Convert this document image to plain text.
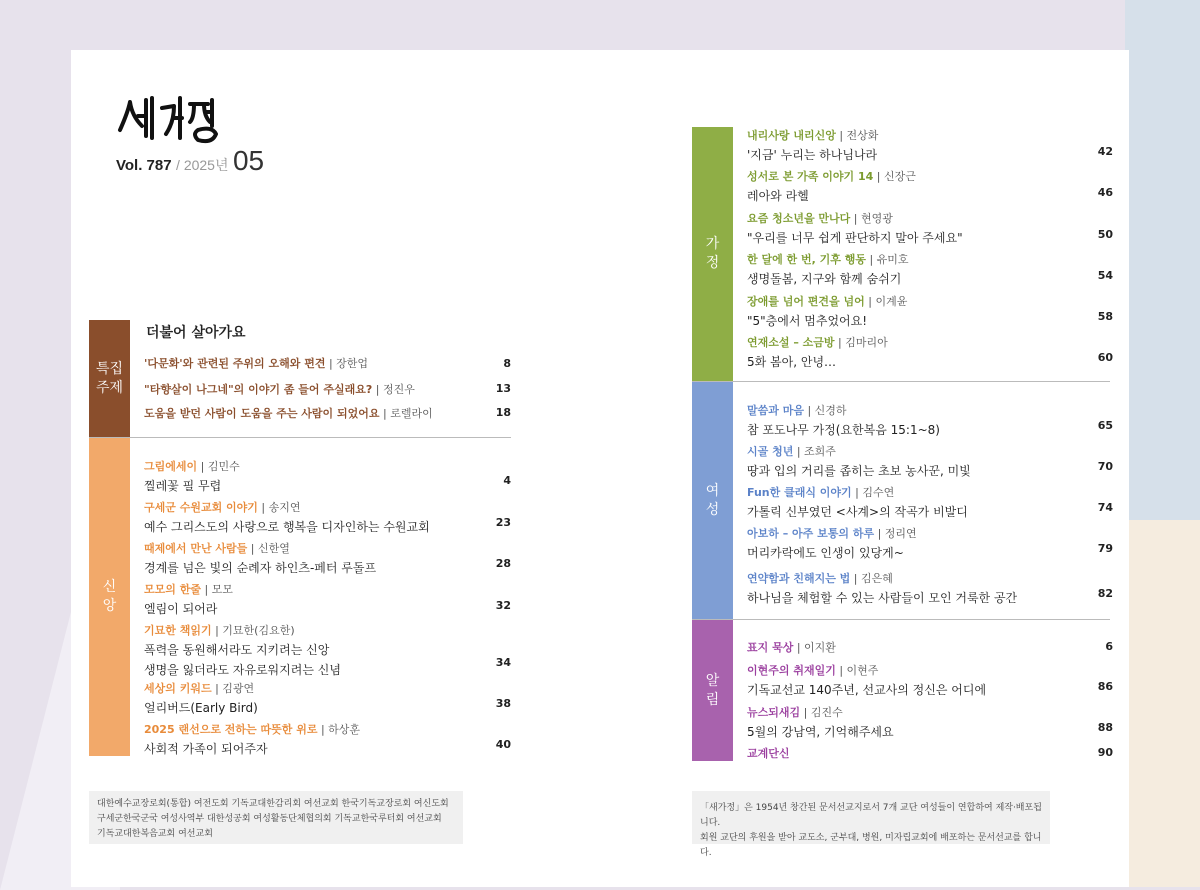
Vol. 787 / 2025년 05
특집
주제
더불어 살아가요
'다문화'와 관련된 주위의 오해와 편견 | 장한업	8
"타향살이 나그네"의 이야기 좀 들어 주실래요? | 정진우	13
도움을 받던 사람이 도움을 주는 사람이 되었어요 | 로렐라이	18
신
앙
그림에세이 | 김민수
찔레꽃 필 무렵	4
구세군 수원교회 이야기 | 송지연
예수 그리스도의 사랑으로 행복을 디자인하는 수원교회	23
때제에서 만난 사람들 | 신한열
경계를 넘은 빛의 순례자 하인츠-페터 루돌프	28
모모의 한줄 | 모모
엘림이 되어라	32
기묘한 책읽기 | 기묘한(김요한)
폭력을 동원해서라도 지키려는 신앙
생명을 잃더라도 자유로워지려는 신념
34
세상의 키워드 | 김광연
얼리버드(Early Bird)	38
2025 랜선으로 전하는 따뜻한 위로 | 하상훈
사회적 가족이 되어주자	40
대한예수교장로회(통합) 여전도회 기독교대한감리회 여선교회 한국기독교장로회 여신도회
구세군한국군국 여성사역부 대한성공회 여성활동단체협의회 기독교한국루터회 여선교회
기독교대한복음교회 여선교회
가
정
내리사랑 내리신앙 | 전상화
'지금' 누리는 하나님나라	42
성서로 본 가족 이야기 14 | 신장근
레아와 라헬	46
요즘 청소년을 만나다 | 현영광
"우리를 너무 쉽게 판단하지 말아 주세요"	50
한 달에 한 번, 기후 행동 | 유미호
생명돌봄, 지구와 함께 숨쉬기	54
장애를 넘어 편견을 넘어 | 이계윤
"5"층에서 멈추었어요!	58
연재소설 – 소금방 | 김마리아
5화 봄아, 안녕…	60
여
성
말씀과 마음 | 신경하
참 포도나무 가정(요한복음 15:1~8)	65
시골 청년 | 조희주
땅과 입의 거리를 좁히는 초보 농사꾼, 미빛	70
Fun한 클래식 이야기 | 김수연
가톨릭 신부였던 <사계>의 작곡가 비발디	74
아보하 – 아주 보통의 하루 | 정리연
머리카락에도 인생이 있당게~	79
연약함과 친해지는 법 | 김은혜
하나님을 체험할 수 있는 사람들이 모인 거룩한 공간	82
알
림
표지 묵상 | 이지환	6
이현주의 취재일기 | 이현주
기독교선교 140주년, 선교사의 정신은 어디에	86
뉴스되새김 | 김진수
5월의 강남역, 기억해주세요	88
교계단신	90
「새가정」은 1954년 창간된 문서선교지로서 7개 교단 여성들이 연합하여 제작·배포됩니다.
회원 교단의 후원을 받아 교도소, 군부대, 병원, 미자립교회에 배포하는 문서선교를 합니다.
